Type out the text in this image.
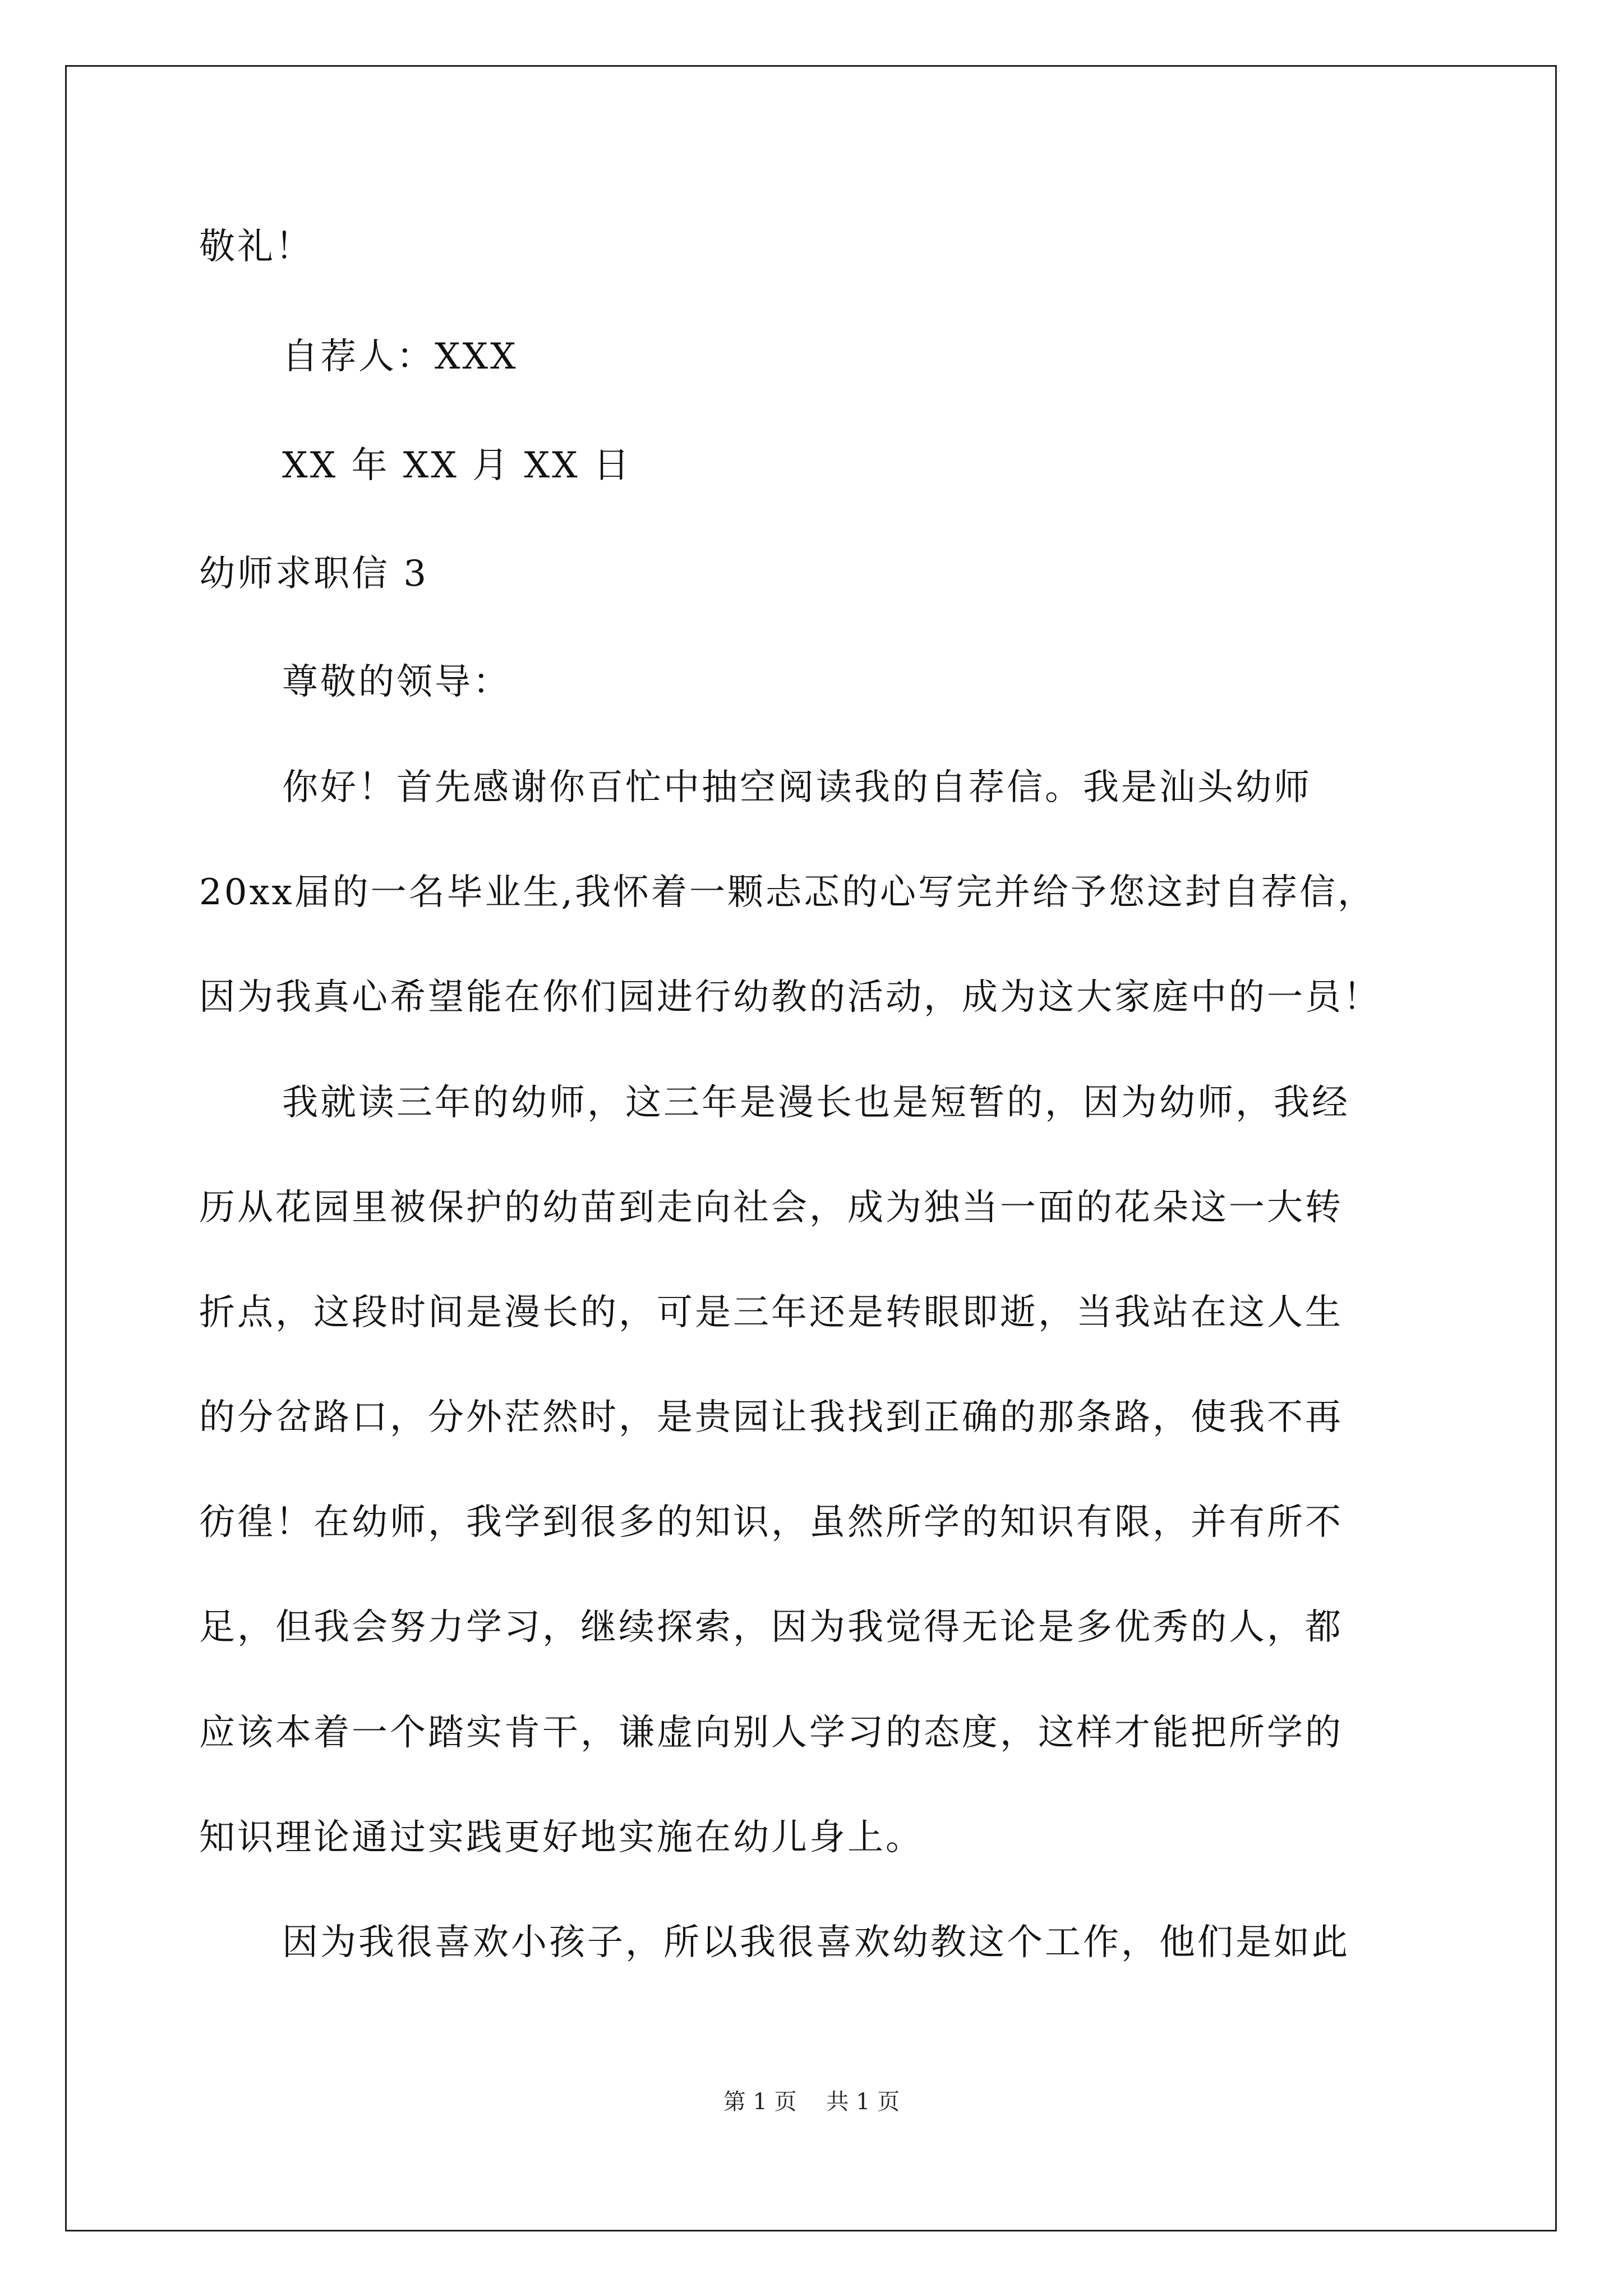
敬礼！
自荐人：XXX
XX 年 XX 月 XX 日
幼师求职信 3
尊敬的领导：
你好！首先感谢你百忙中抽空阅读我的自荐信。我是汕头幼师
20xx届的一名毕业生,我怀着一颗忐忑的心写完并给予您这封自荐信，
因为我真心希望能在你们园进行幼教的活动，成为这大家庭中的一员！
我就读三年的幼师，这三年是漫长也是短暂的，因为幼师，我经
历从花园里被保护的幼苗到走向社会，成为独当一面的花朵这一大转
折点，这段时间是漫长的，可是三年还是转眼即逝，当我站在这人生
的分岔路口，分外茫然时，是贵园让我找到正确的那条路，使我不再
彷徨！在幼师，我学到很多的知识，虽然所学的知识有限，并有所不
足，但我会努力学习，继续探索，因为我觉得无论是多优秀的人，都
应该本着一个踏实肯干，谦虚向别人学习的态度，这样才能把所学的
知识理论通过实践更好地实施在幼儿身上。
因为我很喜欢小孩子，所以我很喜欢幼教这个工作，他们是如此
第 1 页 共 1 页
